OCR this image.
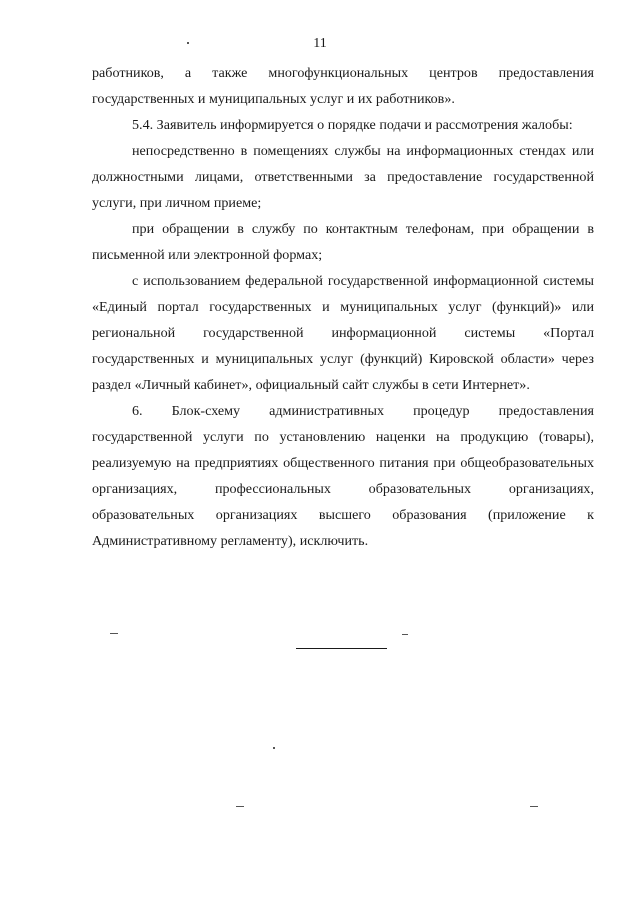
11

работников, а также многофункциональных центров предоставления государственных и муниципальных услуг и их работников».

5.4. Заявитель информируется о порядке подачи и рассмотрения жалобы:

непосредственно в помещениях службы на информационных стендах или должностными лицами, ответственными за предоставление государственной услуги, при личном приеме;

при обращении в службу по контактным телефонам, при обращении в письменной или электронной формах;

с использованием федеральной государственной информационной системы «Единый портал государственных и муниципальных услуг (функций)» или региональной государственной информационной системы «Портал государственных и муниципальных услуг (функций) Кировской области» через раздел «Личный кабинет», официальный сайт службы в сети Интернет».

6. Блок-схему административных процедур предоставления государственной услуги по установлению наценки на продукцию (товары), реализуемую на предприятиях общественного питания при общеобразовательных организациях, профессиональных образовательных организациях, образовательных организациях высшего образования (приложение к Административному регламенту), исключить.
